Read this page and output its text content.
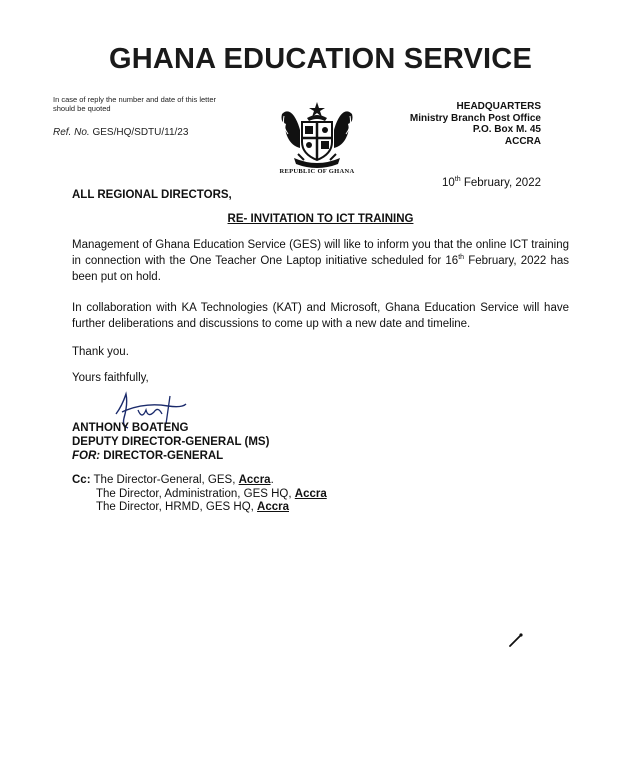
GHANA EDUCATION SERVICE
In case of reply the number and date of this letter should be quoted
Ref. No. GES/HQ/SDTU/11/23
REPUBLIC OF GHANA
HEADQUARTERS
Ministry Branch Post Office
P.O. Box M. 45
ACCRA
10th February, 2022
ALL REGIONAL DIRECTORS,
RE- INVITATION TO ICT TRAINING
Management of Ghana Education Service (GES) will like to inform you that the online ICT training in connection with the One Teacher One Laptop initiative scheduled for 16th February, 2022 has been put on hold.
In collaboration with KA Technologies (KAT) and Microsoft, Ghana Education Service will have further deliberations and discussions to come up with a new date and timeline.
Thank you.
Yours faithfully,
ANTHONY BOATENG
DEPUTY DIRECTOR-GENERAL (MS)
FOR: DIRECTOR-GENERAL
Cc: The Director-General, GES, Accra.
The Director, Administration, GES HQ, Accra
The Director, HRMD, GES HQ, Accra
